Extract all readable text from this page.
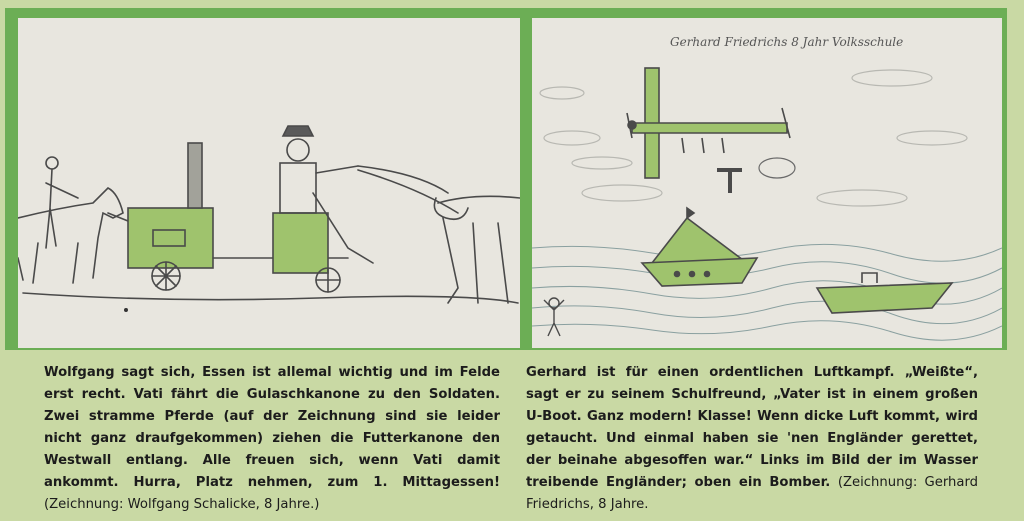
Gerhard Friedrichs 8 Jahr Volksschule
Wolfgang sagt sich, Essen ist allemal wichtig und im Felde erst recht. Vati fährt die Gulaschkanone zu den Soldaten. Zwei stramme Pferde (auf der Zeichnung sind sie leider nicht ganz draufgekommen) ziehen die Futterkanone den Westwall entlang. Alle freuen sich, wenn Vati damit ankommt. Hurra, Platz nehmen, zum 1. Mittagessen! (Zeichnung: Wolfgang Schalicke, 8 Jahre.)
Gerhard ist für einen ordentlichen Luftkampf. „Weißte“, sagt er zu seinem Schulfreund, „Vater ist in einem großen U-Boot. Ganz modern! Klasse! Wenn dicke Luft kommt, wird getaucht. Und einmal haben sie 'nen Engländer gerettet, der beinahe abgesoffen war.“ Links im Bild der im Wasser treibende Engländer; oben ein Bomber. (Zeichnung: Gerhard Friedrichs, 8 Jahre.
